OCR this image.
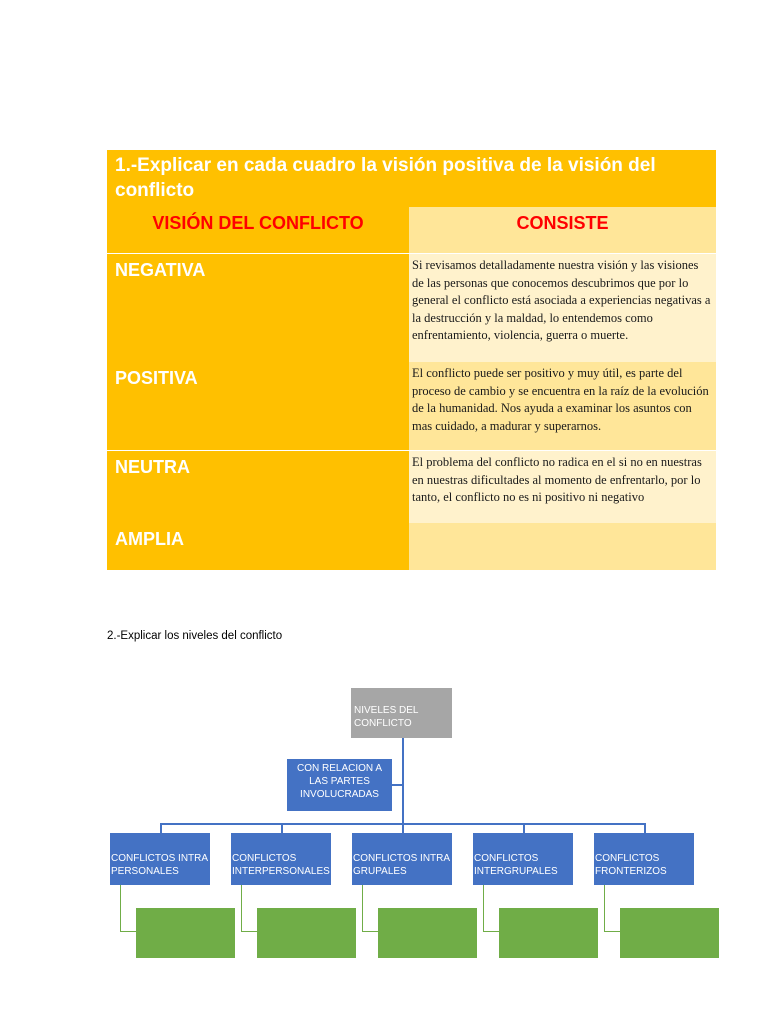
1.-Explicar en cada cuadro la visión positiva de la visión del conflicto
VISIÓN DEL CONFLICTO	CONSISTE
NEGATIVA	Si revisamos detalladamente nuestra visión y las visiones de las personas que conocemos descubrimos que por lo general el conflicto está asociada a experiencias negativas a la destrucción y la maldad, lo entendemos como enfrentamiento, violencia, guerra o muerte.
POSITIVA	El conflicto puede ser positivo y muy útil, es parte del proceso de cambio y se encuentra en la raíz de la evolución de la humanidad. Nos ayuda a examinar los asuntos con mas cuidado, a madurar y superarnos.
NEUTRA	El problema del conflicto no radica en el si no en nuestras en nuestras dificultades al momento de enfrentarlo, por lo tanto, el conflicto no es ni positivo ni negativo
AMPLIA
2.-Explicar los niveles del conflicto
NIVELES DEL CONFLICTO
CON RELACION A LAS PARTES INVOLUCRADAS
CONFLICTOS INTRA PERSONALES
CONFLICTOS INTERPERSONALES
CONFLICTOS INTRA GRUPALES
CONFLICTOS INTERGRUPALES
CONFLICTOS FRONTERIZOS
